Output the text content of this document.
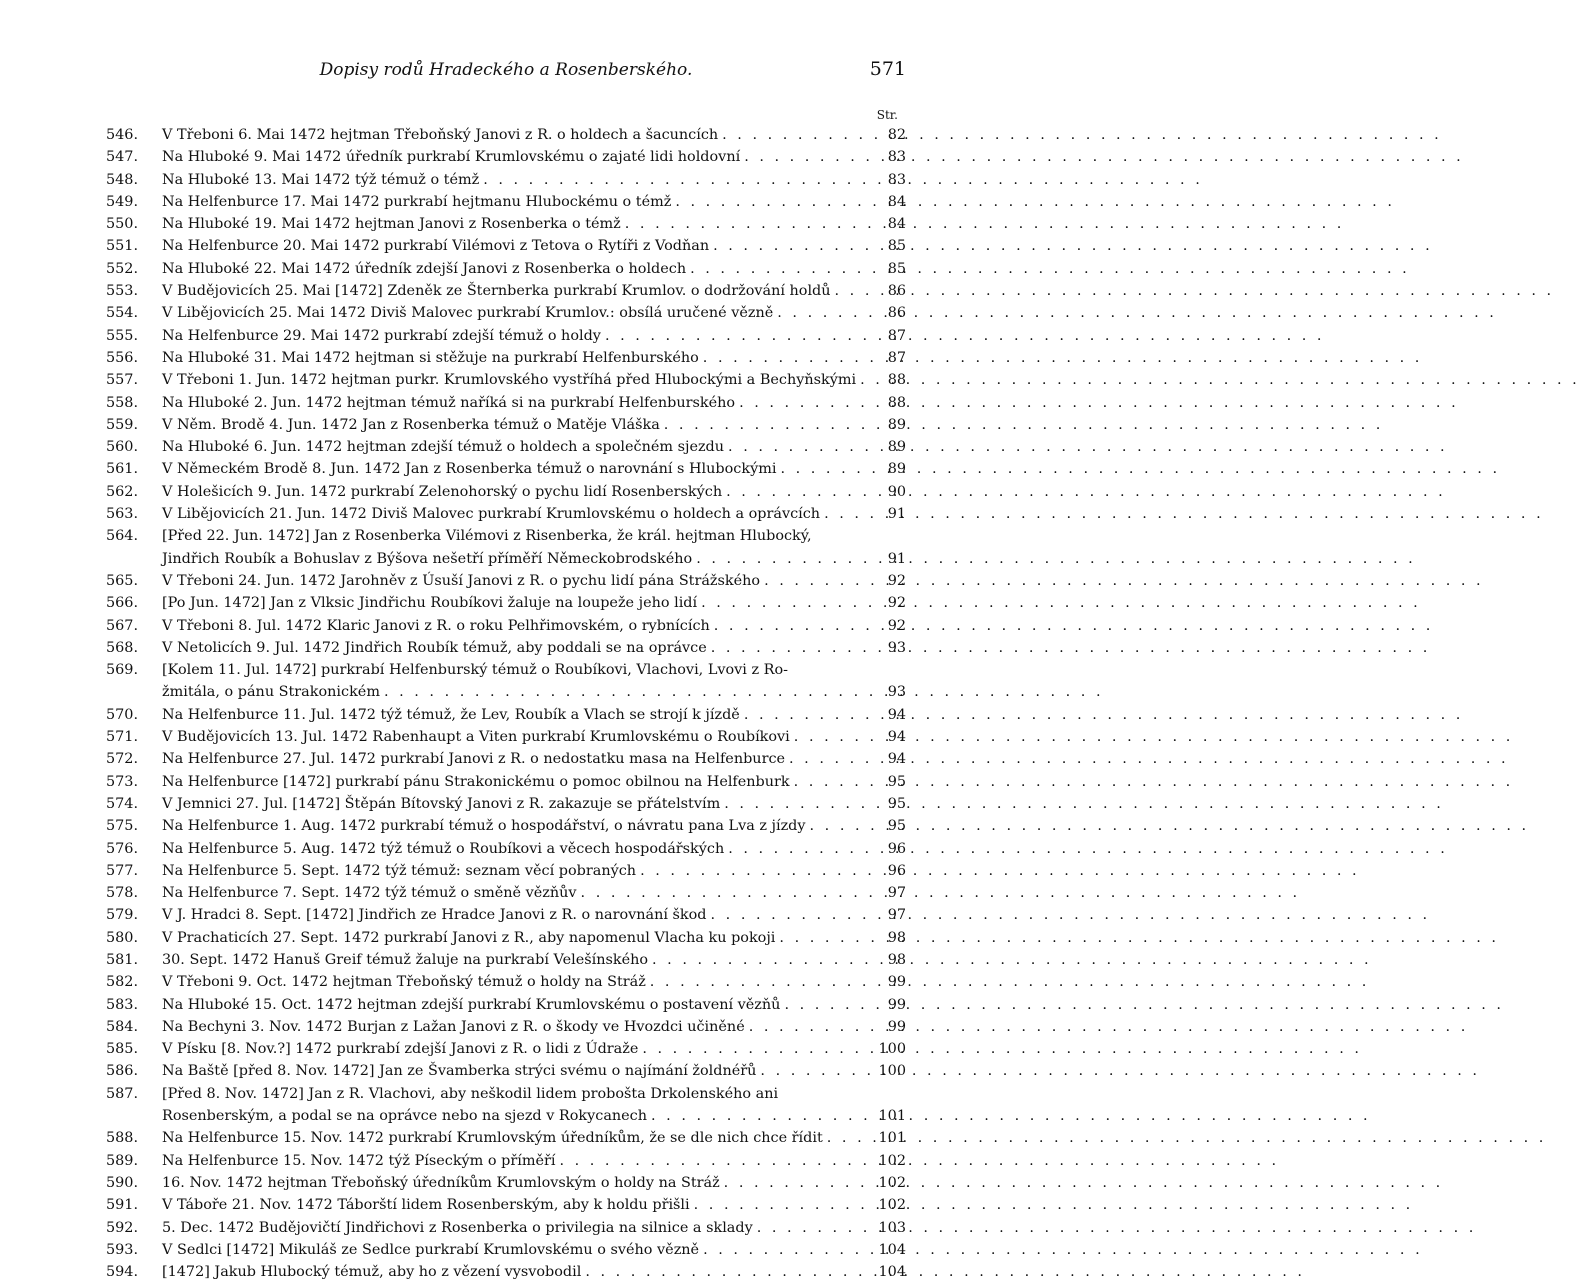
Dopisy rodů Hradeckého a Rosenberského.	571
Str.
546.	V Třeboni 6. Mai 1472 hejtman Třeboňský Janovi z R. o holdech a šacuncích . . .	82
547.	Na Hluboké 9. Mai 1472 úředník purkrabí Krumlovskému o zajaté lidi holdovní . . .	83
548.	Na Hluboké 13. Mai 1472 týž témuž o témž . . .	83
549.	Na Helfenburce 17. Mai 1472 purkrabí hejtmanu Hlubockému o témž . . .	84
550.	Na Hluboké 19. Mai 1472 hejtman Janovi z Rosenberka o témž . . .	84
551.	Na Helfenburce 20. Mai 1472 purkrabí Vilémovi z Tetova o Rytíři z Vodňan . . .	85
552.	Na Hluboké 22. Mai 1472 úředník zdejší Janovi z Rosenberka o holdech . . .	85
553.	V Budějovicích 25. Mai [1472] Zdeněk ze Šternberka purkrabí Krumlov. o dodržování holdů . . .	86
554.	V Liběj​ovicích 25. Mai 1472 Diviš Malovec purkrabí Krumlov.: obsílá uručené vězně . . .	86
555.	Na Helfenburce 29. Mai 1472 purkrabí zdejší témuž o holdy . . .	87
556.	Na Hluboké 31. Mai 1472 hejtman si stěžuje na purkrabí Helfenburského . . .	87
557.	V Třeboni 1. Jun. 1472 hejtman purkr. Krumlovského vystříhá před Hlubockými a Bechyňskými . . .	88
558.	Na Hluboké 2. Jun. 1472 hejtman témuž naříká si na purkrabí Helfenburského . . .	88
559.	V Něm. Brodě 4. Jun. 1472 Jan z Rosenberka témuž o Matěje Vláška . . .	89
560.	Na Hluboké 6. Jun. 1472 hejtman zdejší témuž o holdech a společném sjezdu . . .	89
561.	V Německém Brodě 8. Jun. 1472 Jan z Rosenberka témuž o narovnání s Hlubockými . . .	89
562.	V Holešicích 9. Jun. 1472 purkrabí Zelenohorský o pychu lidí Rosenberských . . .	90
563.	V Liběj​ovicích 21. Jun. 1472 Diviš Malovec purkrabí Krumlovskému o holdech a oprávcích . . .	91
564.	[Před 22. Jun. 1472] Jan z Rosenberka Vilémovi z Risenberka, že král. hejtman Hlubocký,
Jindřich Roubík a Bohuslav z Býšova nešetří příměří Německobrodského . . .	91
565.	V Třeboni 24. Jun. 1472 Jarohněv z Úsuší Janovi z R. o pychu lidí pána Strážského . . .	92
566.	[Po Jun. 1472] Jan z Vlksic Jindřichu Roubíkovi žaluje na loupeže jeho lidí . . .	92
567.	V Třeboni 8. Jul. 1472 Klaric Janovi z R. o roku Pelhřimovském, o rybnících . . .	92
568.	V Netolicích 9. Jul. 1472 Jindřich Roubík témuž, aby poddali se na oprávce . . .	93
569.	[Kolem 11. Jul. 1472] purkrabí Helfenburský témuž o Roubíkovi, Vlachovi, Lvovi z Ro-
žmitála, o pánu Strakonickém . . .	93
570.	Na Helfenburce 11. Jul. 1472 týž témuž, že Lev, Roubík a Vlach se strojí k jízdě . . .	94
571.	V Budějovicích 13. Jul. 1472 Rabenhaupt a Viten purkrabí Krumlovskému o Roubíkovi . . .	94
572.	Na Helfenburce 27. Jul. 1472 purkrabí Janovi z R. o nedostatku masa na Helfenburce . . .	94
573.	Na Helfenburce [1472] purkrabí pánu Strakonickému o pomoc obilnou na Helfenburk . . .	95
574.	V Jemnici 27. Jul. [1472] Štěpán Bítovský Janovi z R. zakazuje se přátelstvím . . .	95
575.	Na Helfenburce 1. Aug. 1472 purkrabí témuž o hospodářství, o návratu pana Lva z jízdy . . .	95
576.	Na Helfenburce 5. Aug. 1472 týž témuž o Roubíkovi a věcech hospodářských . . .	96
577.	Na Helfenburce 5. Sept. 1472 týž témuž: seznam věcí pobraných . . .	96
578.	Na Helfenburce 7. Sept. 1472 týž témuž o směně vězňův . . .	97
579.	V J. Hradci 8. Sept. [1472] Jindřich ze Hradce Janovi z R. o narovnání škod . . .	97
580.	V Prachaticích 27. Sept. 1472 purkrabí Janovi z R., aby napomenul Vlacha ku pokoji . . .	98
581.	30. Sept. 1472 Hanuš Greif témuž žaluje na purkrabí Velešínského . . .	98
582.	V Třeboni 9. Oct. 1472 hejtman Třeboňský témuž o holdy na Stráž . . .	99
583.	Na Hluboké 15. Oct. 1472 hejtman zdejší purkrabí Krumlovskému o postavení vězňů . . .	99
584.	Na Bechyni 3. Nov. 1472 Burjan z Lažan Janovi z R. o škody ve Hvozdci učiněné . . .	99
585.	V Písku [8. Nov.?] 1472 purkrabí zdejší Janovi z R. o lidi z Údraže . . .	100
586.	Na Baště [před 8. Nov. 1472] Jan ze Švamberka strýci svému o najímání žoldnéřů . . .	100
587.	[Před 8. Nov. 1472] Jan z R. Vlachovi, aby neškodil lidem proboštа Drkolenského ani
Rosenberským, a podal se na oprávce nebo na sjezd v Rokycanech . . .	101
588.	Na Helfenburce 15. Nov. 1472 purkrabí Krumlovským úředníkům, že se dle nich chce řídit . . .	101
589.	Na Helfenburce 15. Nov. 1472 týž Píseckým o příměří . . .	102
590.	16. Nov. 1472 hejtman Třeboňský úředníkům Krumlovským o holdy na Stráž . . .	102
591.	V Táboře 21. Nov. 1472 Táborští lidem Rosenberským, aby k holdu přišli . . .	102
592.	5. Dec. 1472 Budějovičtí Jindřichovi z Rosenberka o privilegia na silnice a sklady . . .	103
593.	V Sedlci [1472] Mikuláš ze Sedlce purkrabí Krumlovskému o svého vězně . . .	104
594.	[1472] Jakub Hlubocký témuž, aby ho z vězení vysvobodil . . .	104
